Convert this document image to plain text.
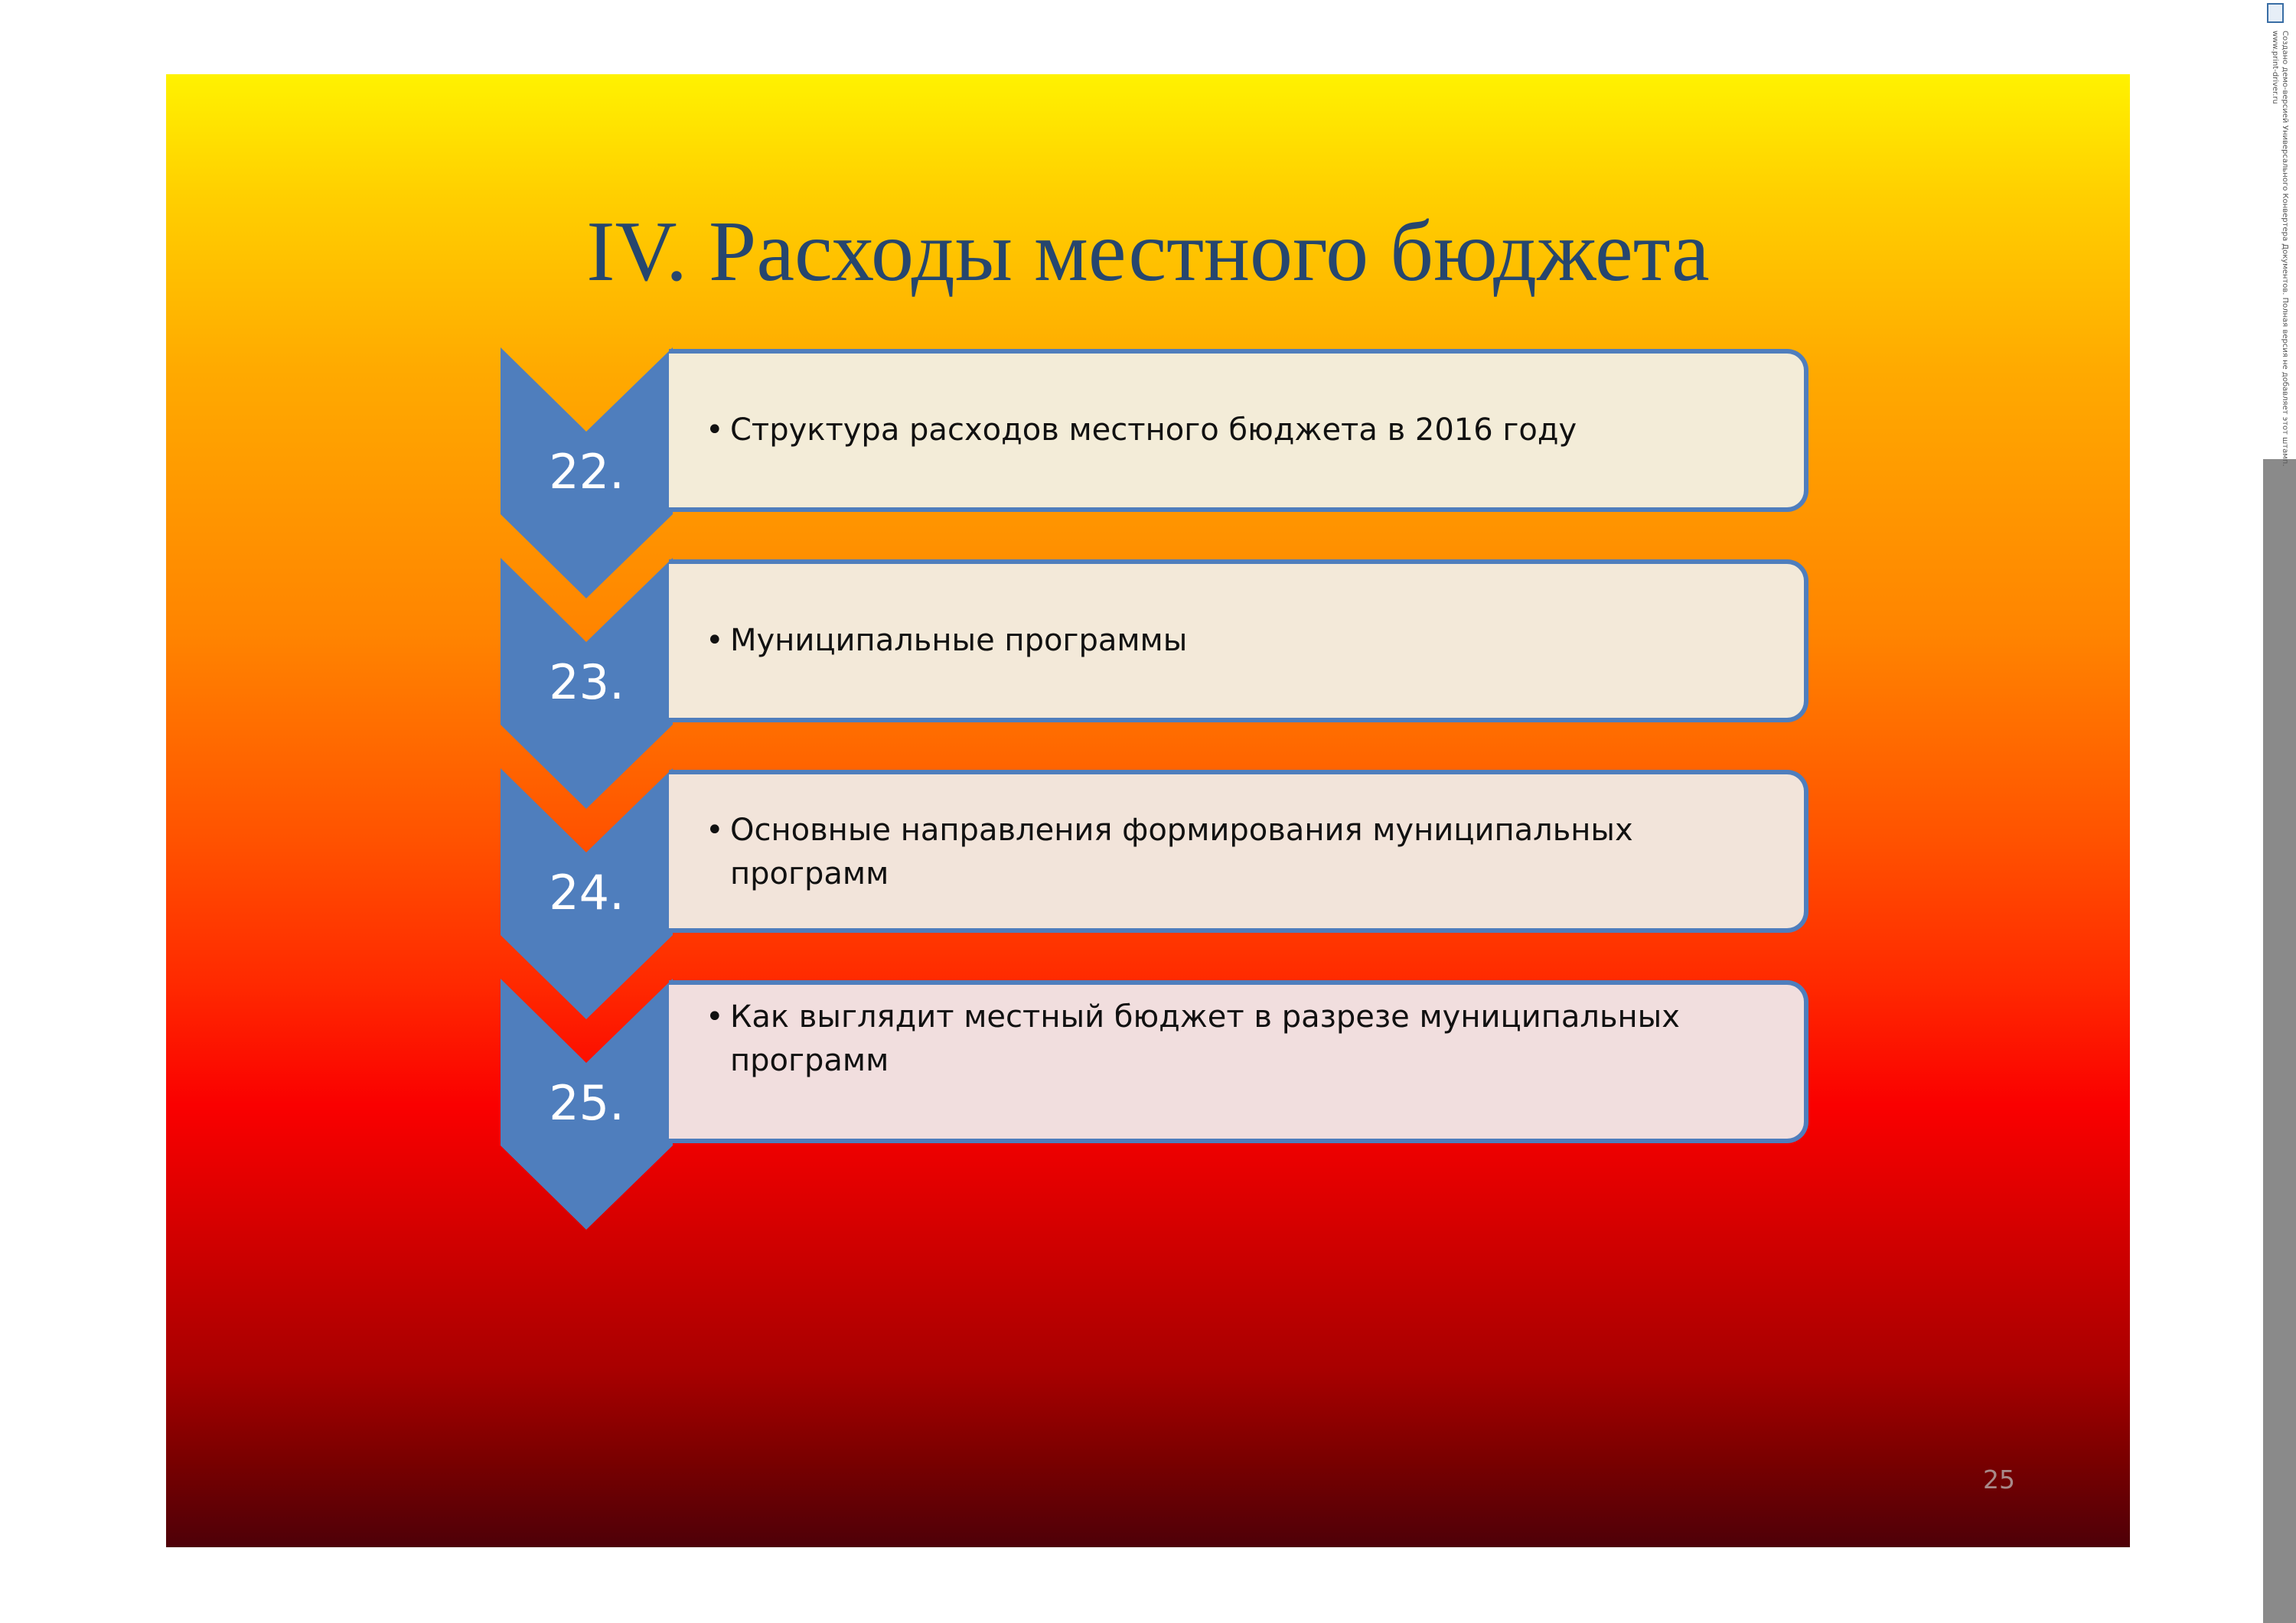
IV. Расходы местного бюджета
22.
• Структура расходов местного бюджета в 2016 году
23.
• Муниципальные программы
24.
• Основные направления формирования муниципальных программ
25.
• Как выглядит местный бюджет в разрезе муниципальных программ
25
Создано демо-версией Универсального Конвертера Документов. Полная версия не добавляет этот штамп.
www.print-driver.ru
